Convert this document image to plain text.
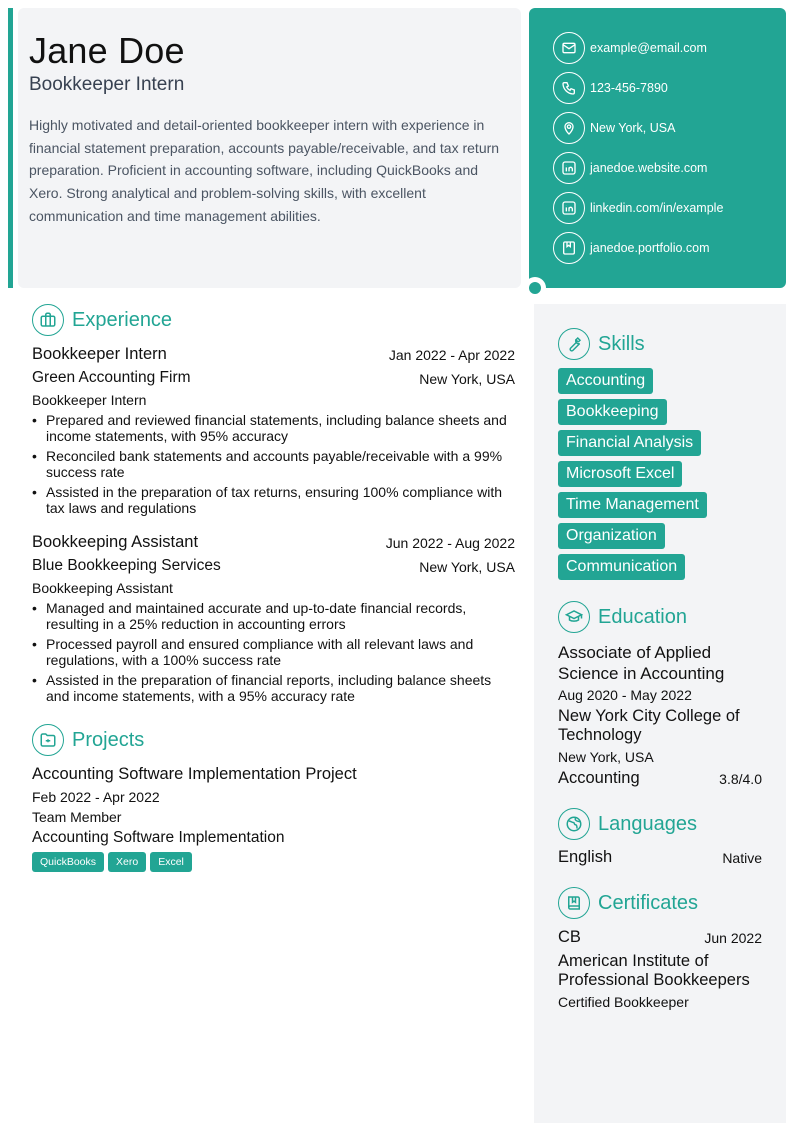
Jane Doe
Bookkeeper Intern
Highly motivated and detail-oriented bookkeeper intern with experience in financial statement preparation, accounts payable/receivable, and tax return preparation. Proficient in accounting software, including QuickBooks and Xero. Strong analytical and problem-solving skills, with excellent communication and time management abilities.
example@email.com
123-456-7890
New York, USA
janedoe.website.com
linkedin.com/in/example
janedoe.portfolio.com
Experience
Bookkeeper Intern	Jan 2022 - Apr 2022
Green Accounting Firm	New York, USA
Bookkeeper Intern
• Prepared and reviewed financial statements, including balance sheets and income statements, with 95% accuracy
• Reconciled bank statements and accounts payable/receivable with a 99% success rate
• Assisted in the preparation of tax returns, ensuring 100% compliance with tax laws and regulations
Bookkeeping Assistant	Jun 2022 - Aug 2022
Blue Bookkeeping Services	New York, USA
Bookkeeping Assistant
• Managed and maintained accurate and up-to-date financial records, resulting in a 25% reduction in accounting errors
• Processed payroll and ensured compliance with all relevant laws and regulations, with a 100% success rate
• Assisted in the preparation of financial reports, including balance sheets and income statements, with a 95% accuracy rate
Projects
Accounting Software Implementation Project
Feb 2022 - Apr 2022
Team Member
Accounting Software Implementation
QuickBooks Xero Excel
Skills
Accounting
Bookkeeping
Financial Analysis
Microsoft Excel
Time Management
Organization
Communication
Education
Associate of Applied Science in Accounting
Aug 2020 - May 2022
New York City College of Technology
New York, USA
Accounting	3.8/4.0
Languages
English	Native
Certificates
CB	Jun 2022
American Institute of Professional Bookkeepers
Certified Bookkeeper
